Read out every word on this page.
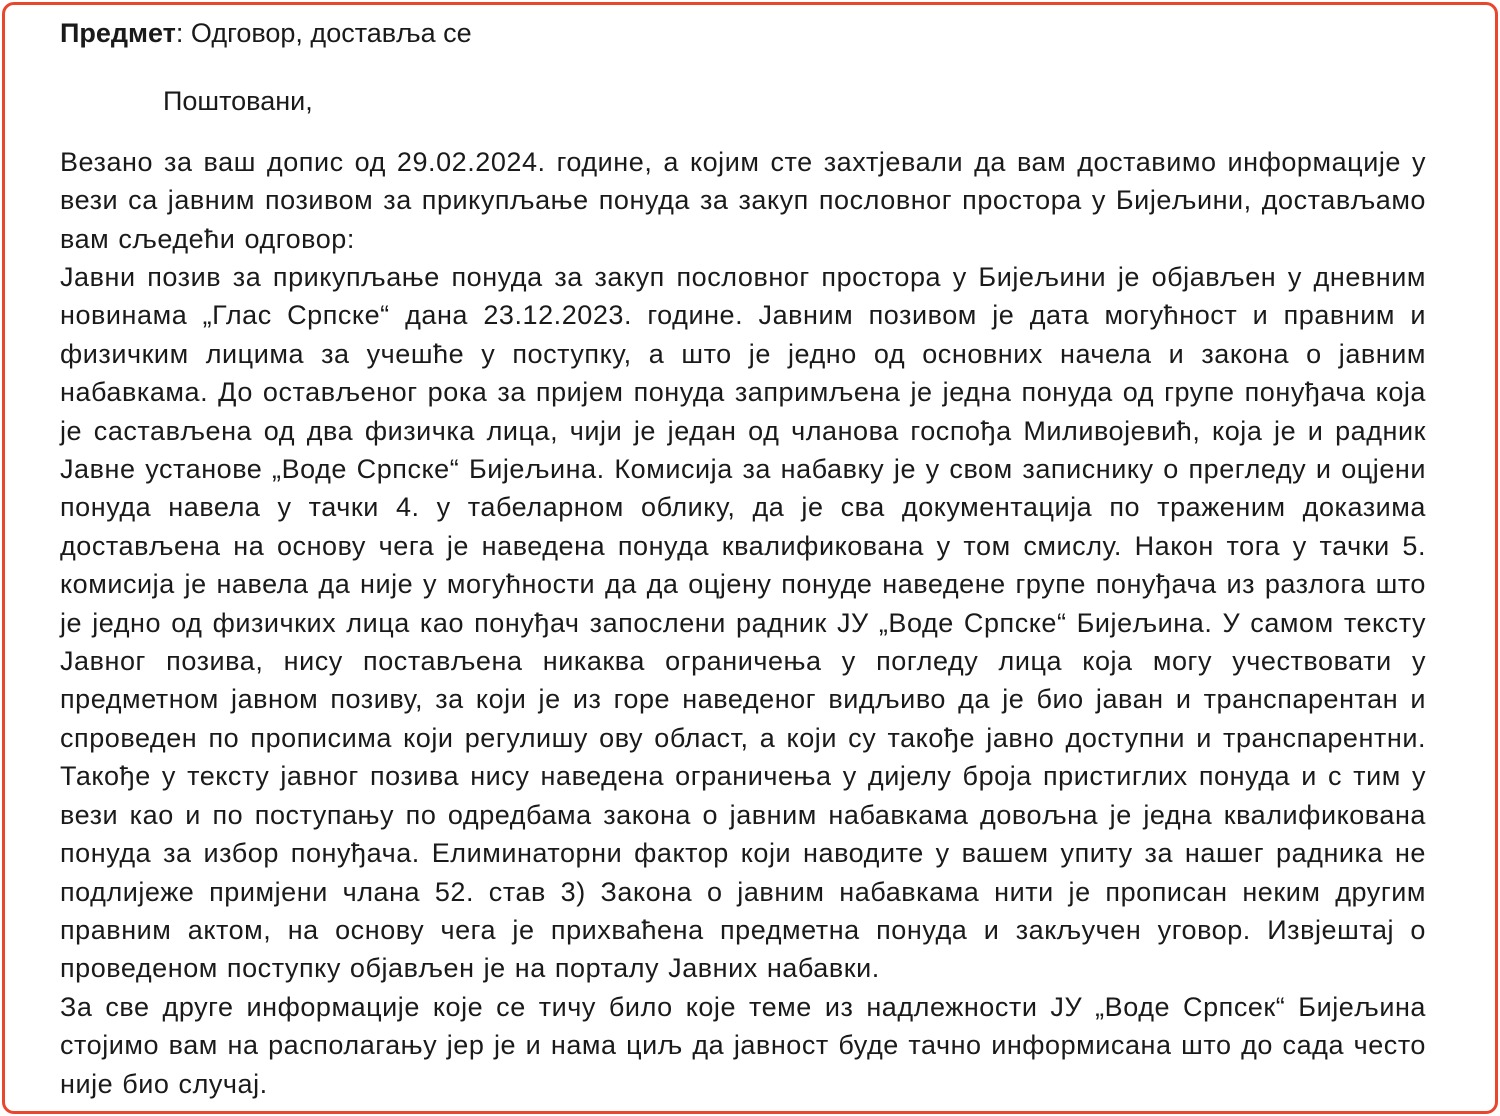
Предмет: Одговор, доставља се
Поштовани,
Везано за ваш допис од 29.02.2024. године, а којим сте захтјевали да вам доставимо информације у вези са јавним позивом за прикупљање понуда за закуп пословног простора у Бијељини, достављамо вам сљедећи одговор:
Јавни позив за прикупљање понуда за закуп пословног простора у Бијељини је објављен у дневним новинама „Глас Српске“ дана 23.12.2023. године. Јавним позивом је дата могућност и правним и физичким лицима за учешће у поступку, а што је једно од основних начела и закона о јавним набавкама. До остављеног рока за пријем понуда запримљена је једна понуда од групе понуђача која је састављена од два физичка лица, чији је један од чланова госпођа Миливојевић, која је и радник Јавне установе „Воде Српске“ Бијељина. Комисија за набавку је у свом записнику о прегледу и оцјени понуда навела у тачки 4. у табеларном облику, да је сва документација по траженим доказима достављена на основу чега је наведена понуда квалификована у том смислу. Након тога у тачки 5. комисија је навела да није у могућности да да оцјену понуде наведене групе понуђача из разлога што је једно од физичких лица као понуђач запослени радник ЈУ „Воде Српске“ Бијељина. У самом тексту Јавног позива, нису постављена никаква ограничења у погледу лица која могу учествовати у предметном јавном позиву, за који је из горе наведеног видљиво да је био јаван и транспарентан и спроведен по прописима који регулишу ову област, а који су такође јавно доступни и транспарентни. Такође у тексту јавног позива нису наведена ограничења у дијелу броја пристиглих понуда и с тим у вези као и по поступању по одредбама закона о јавним набавкама довољна је једна квалификована понуда за избор понуђача. Елиминаторни фактор који наводите у вашем упиту за нашег радника не подлијеже примјени члана 52. став 3) Закона о јавним набавкама нити је прописан неким другим правним актом, на основу чега је прихваћена предметна понуда и закључен уговор. Извјештај о проведеном поступку објављен је на порталу Јавних набавки.
За све друге информације које се тичу било које теме из надлежности ЈУ „Воде Српсек“ Бијељина стојимо вам на располагању јер је и нама циљ да јавност буде тачно информисана што до сада често није био случај.
